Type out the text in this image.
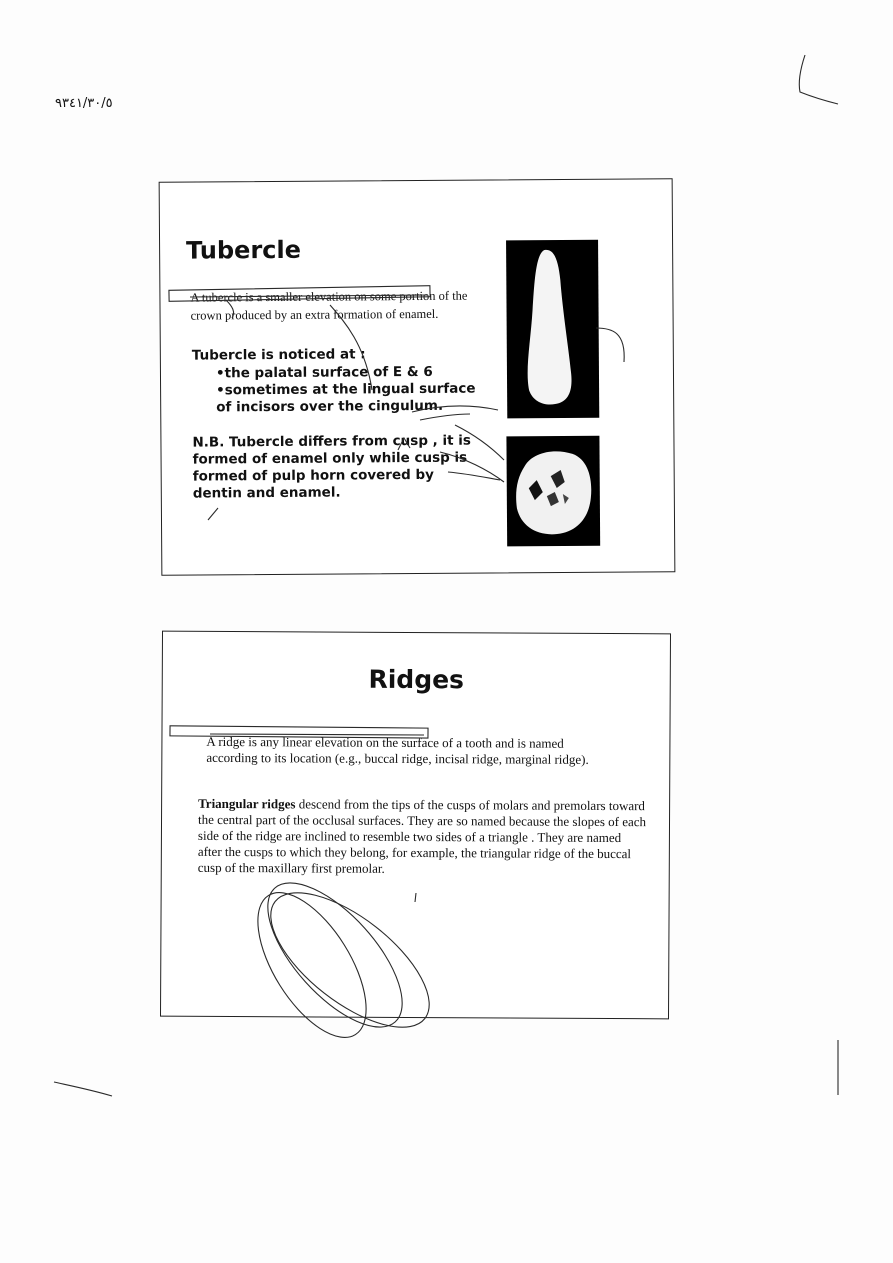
٥/٠٣/١٤٣٩
Tubercle
A tubercle is a smaller elevation on some portion of the crown produced by an extra formation of enamel.
Tubercle is noticed at :
•the palatal surface of E & 6
•sometimes at the lingual surface of incisors over the cingulum.
N.B. Tubercle differs from cusp , it is formed of enamel only while cusp is formed of pulp horn covered by dentin and enamel.
Ridges
A ridge is any linear elevation on the surface of a tooth and is named according to its location (e.g., buccal ridge, incisal ridge, marginal ridge).
Triangular ridges descend from the tips of the cusps of molars and premolars toward the central part of the occlusal surfaces. They are so named because the slopes of each side of the ridge are inclined to resemble two sides of a triangle . They are named after the cusps to which they belong, for example, the triangular ridge of the buccal cusp of the maxillary first premolar.
